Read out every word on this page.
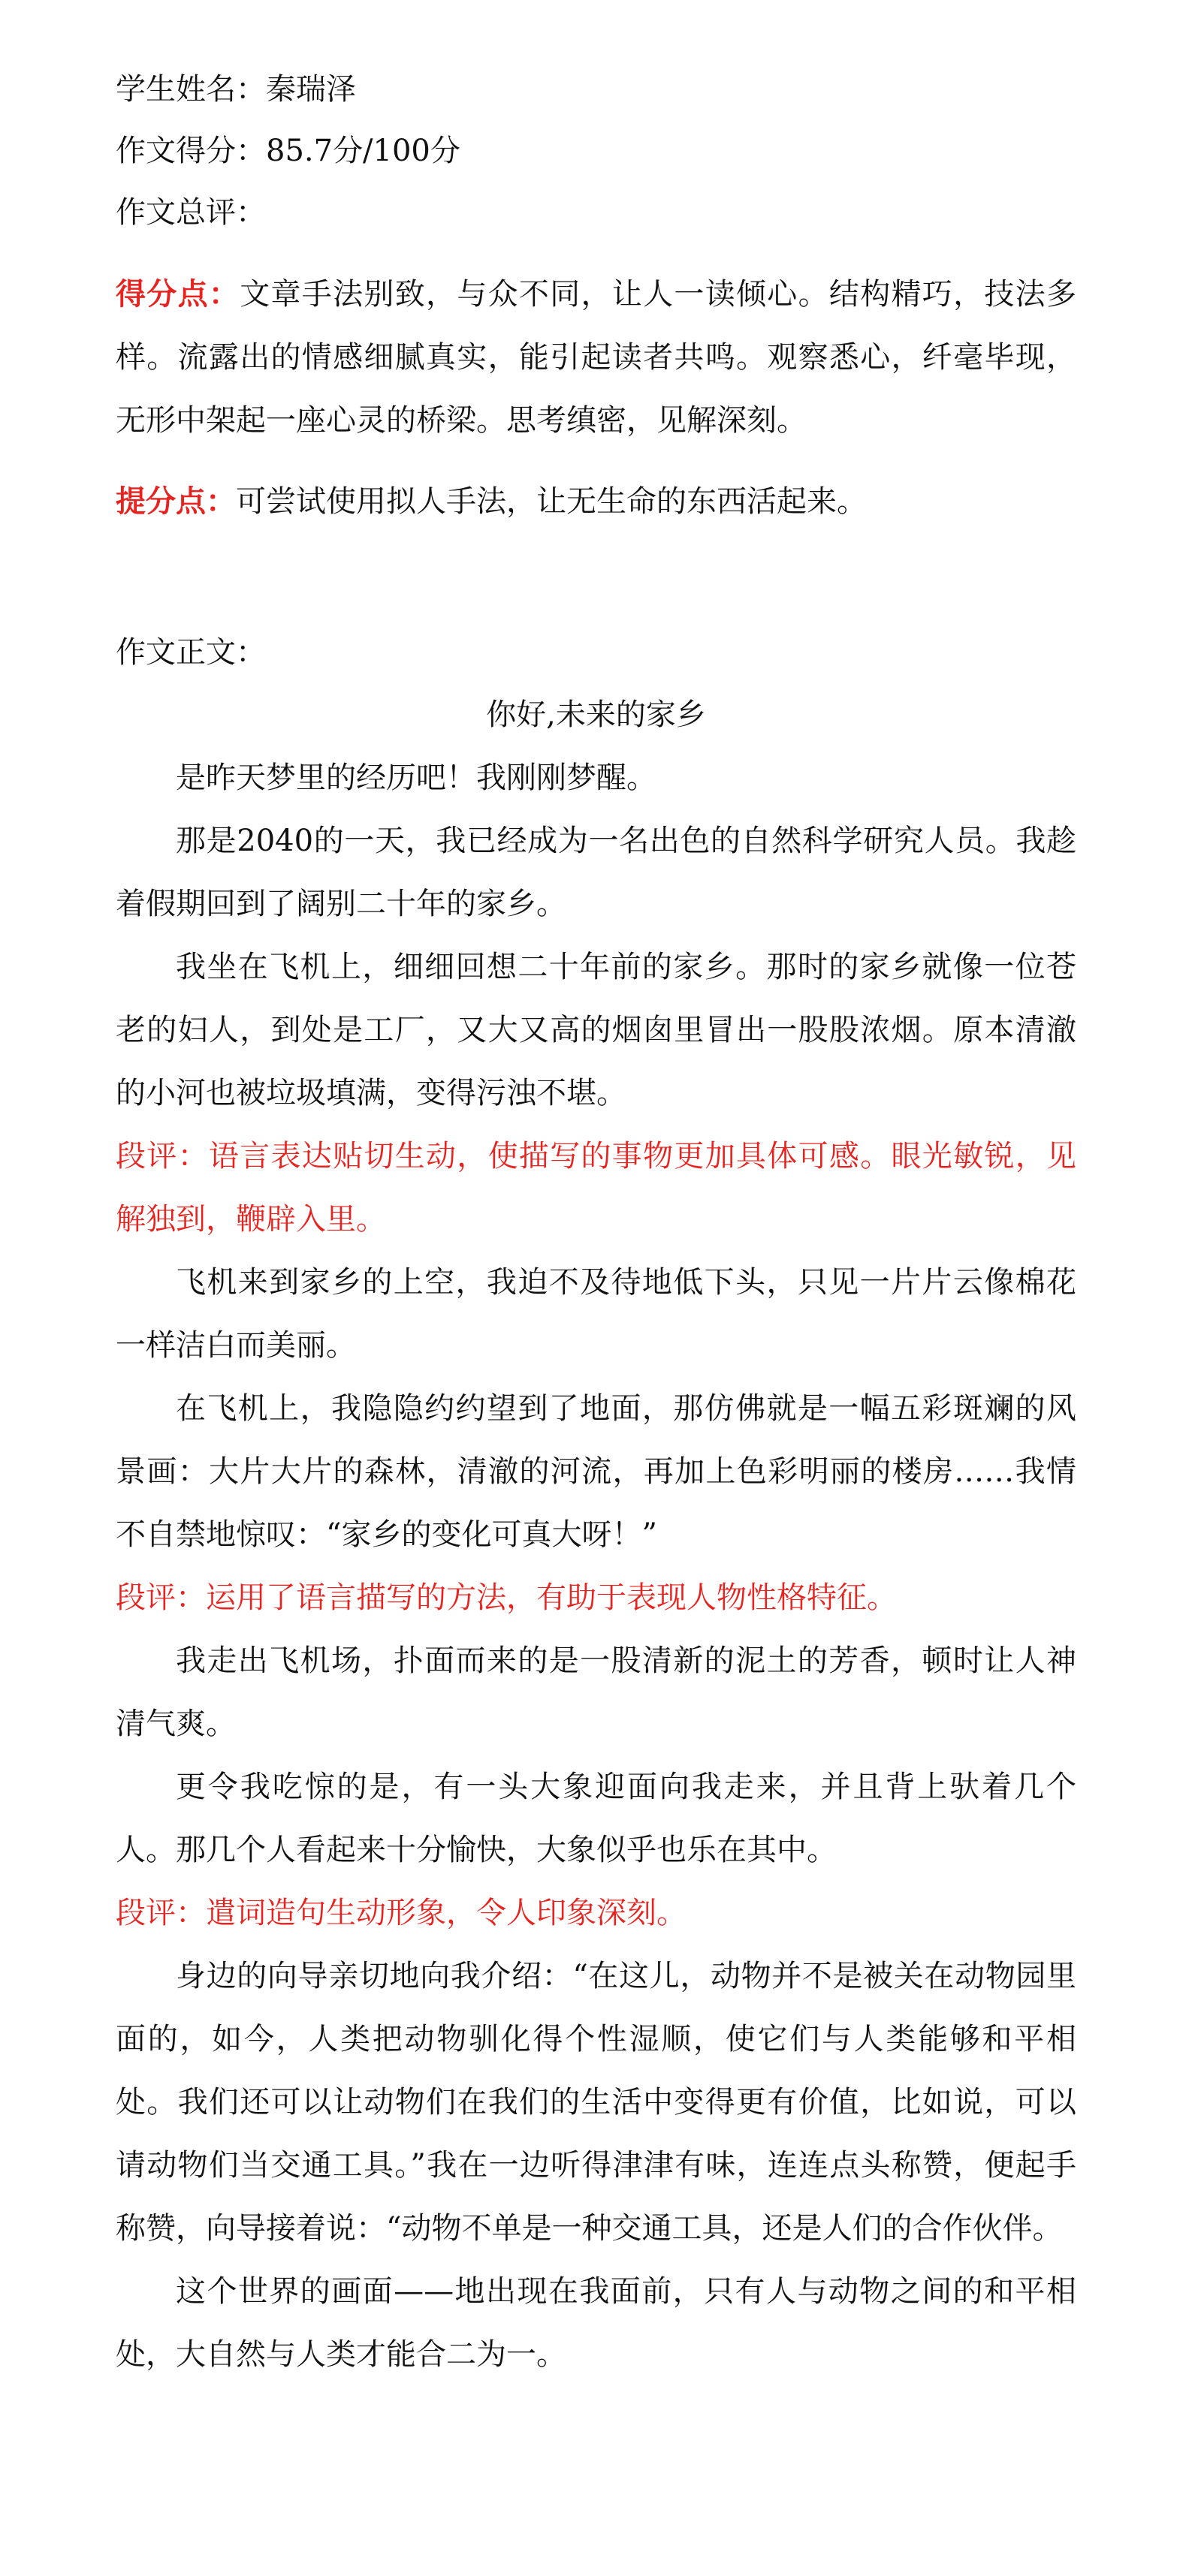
学生姓名：秦瑞泽
作文得分：85.7分/100分
作文总评：
得分点：文章手法别致，与众不同，让人一读倾心。结构精巧，技法多样。流露出的情感细腻真实，能引起读者共鸣。观察悉心，纤毫毕现，无形中架起一座心灵的桥梁。思考缜密，见解深刻。
提分点：可尝试使用拟人手法，让无生命的东西活起来。
作文正文：
你好,未来的家乡

是昨天梦里的经历吧！我刚刚梦醒。

那是2040的一天，我已经成为一名出色的自然科学研究人员。我趁着假期回到了阔别二十年的家乡。

我坐在飞机上，细细回想二十年前的家乡。那时的家乡就像一位苍老的妇人，到处是工厂，又大又高的烟囱里冒出一股股浓烟。原本清澈的小河也被垃圾填满，变得污浊不堪。

段评：语言表达贴切生动，使描写的事物更加具体可感。眼光敏锐，见解独到，鞭辟入里。

飞机来到家乡的上空，我迫不及待地低下头，只见一片片云像棉花一样洁白而美丽。

在飞机上，我隐隐约约望到了地面，那仿佛就是一幅五彩斑斓的风景画：大片大片的森林，清澈的河流，再加上色彩明丽的楼房……我情不自禁地惊叹：“家乡的变化可真大呀！”

段评：运用了语言描写的方法，有助于表现人物性格特征。

我走出飞机场，扑面而来的是一股清新的泥土的芳香，顿时让人神清气爽。

更令我吃惊的是，有一头大象迎面向我走来，并且背上驮着几个人。那几个人看起来十分愉快，大象似乎也乐在其中。

段评：遣词造句生动形象，令人印象深刻。

身边的向导亲切地向我介绍：“在这儿，动物并不是被关在动物园里面的，如今，人类把动物驯化得个性湿顺，使它们与人类能够和平相处。我们还可以让动物们在我们的生活中变得更有价值，比如说，可以请动物们当交通工具。”我在一边听得津津有味，连连点头称赞，便起手称赞，向导接着说：“动物不单是一种交通工具，还是人们的合作伙伴。

这个世界的画面——地出现在我面前，只有人与动物之间的和平相处，大自然与人类才能合二为一。
